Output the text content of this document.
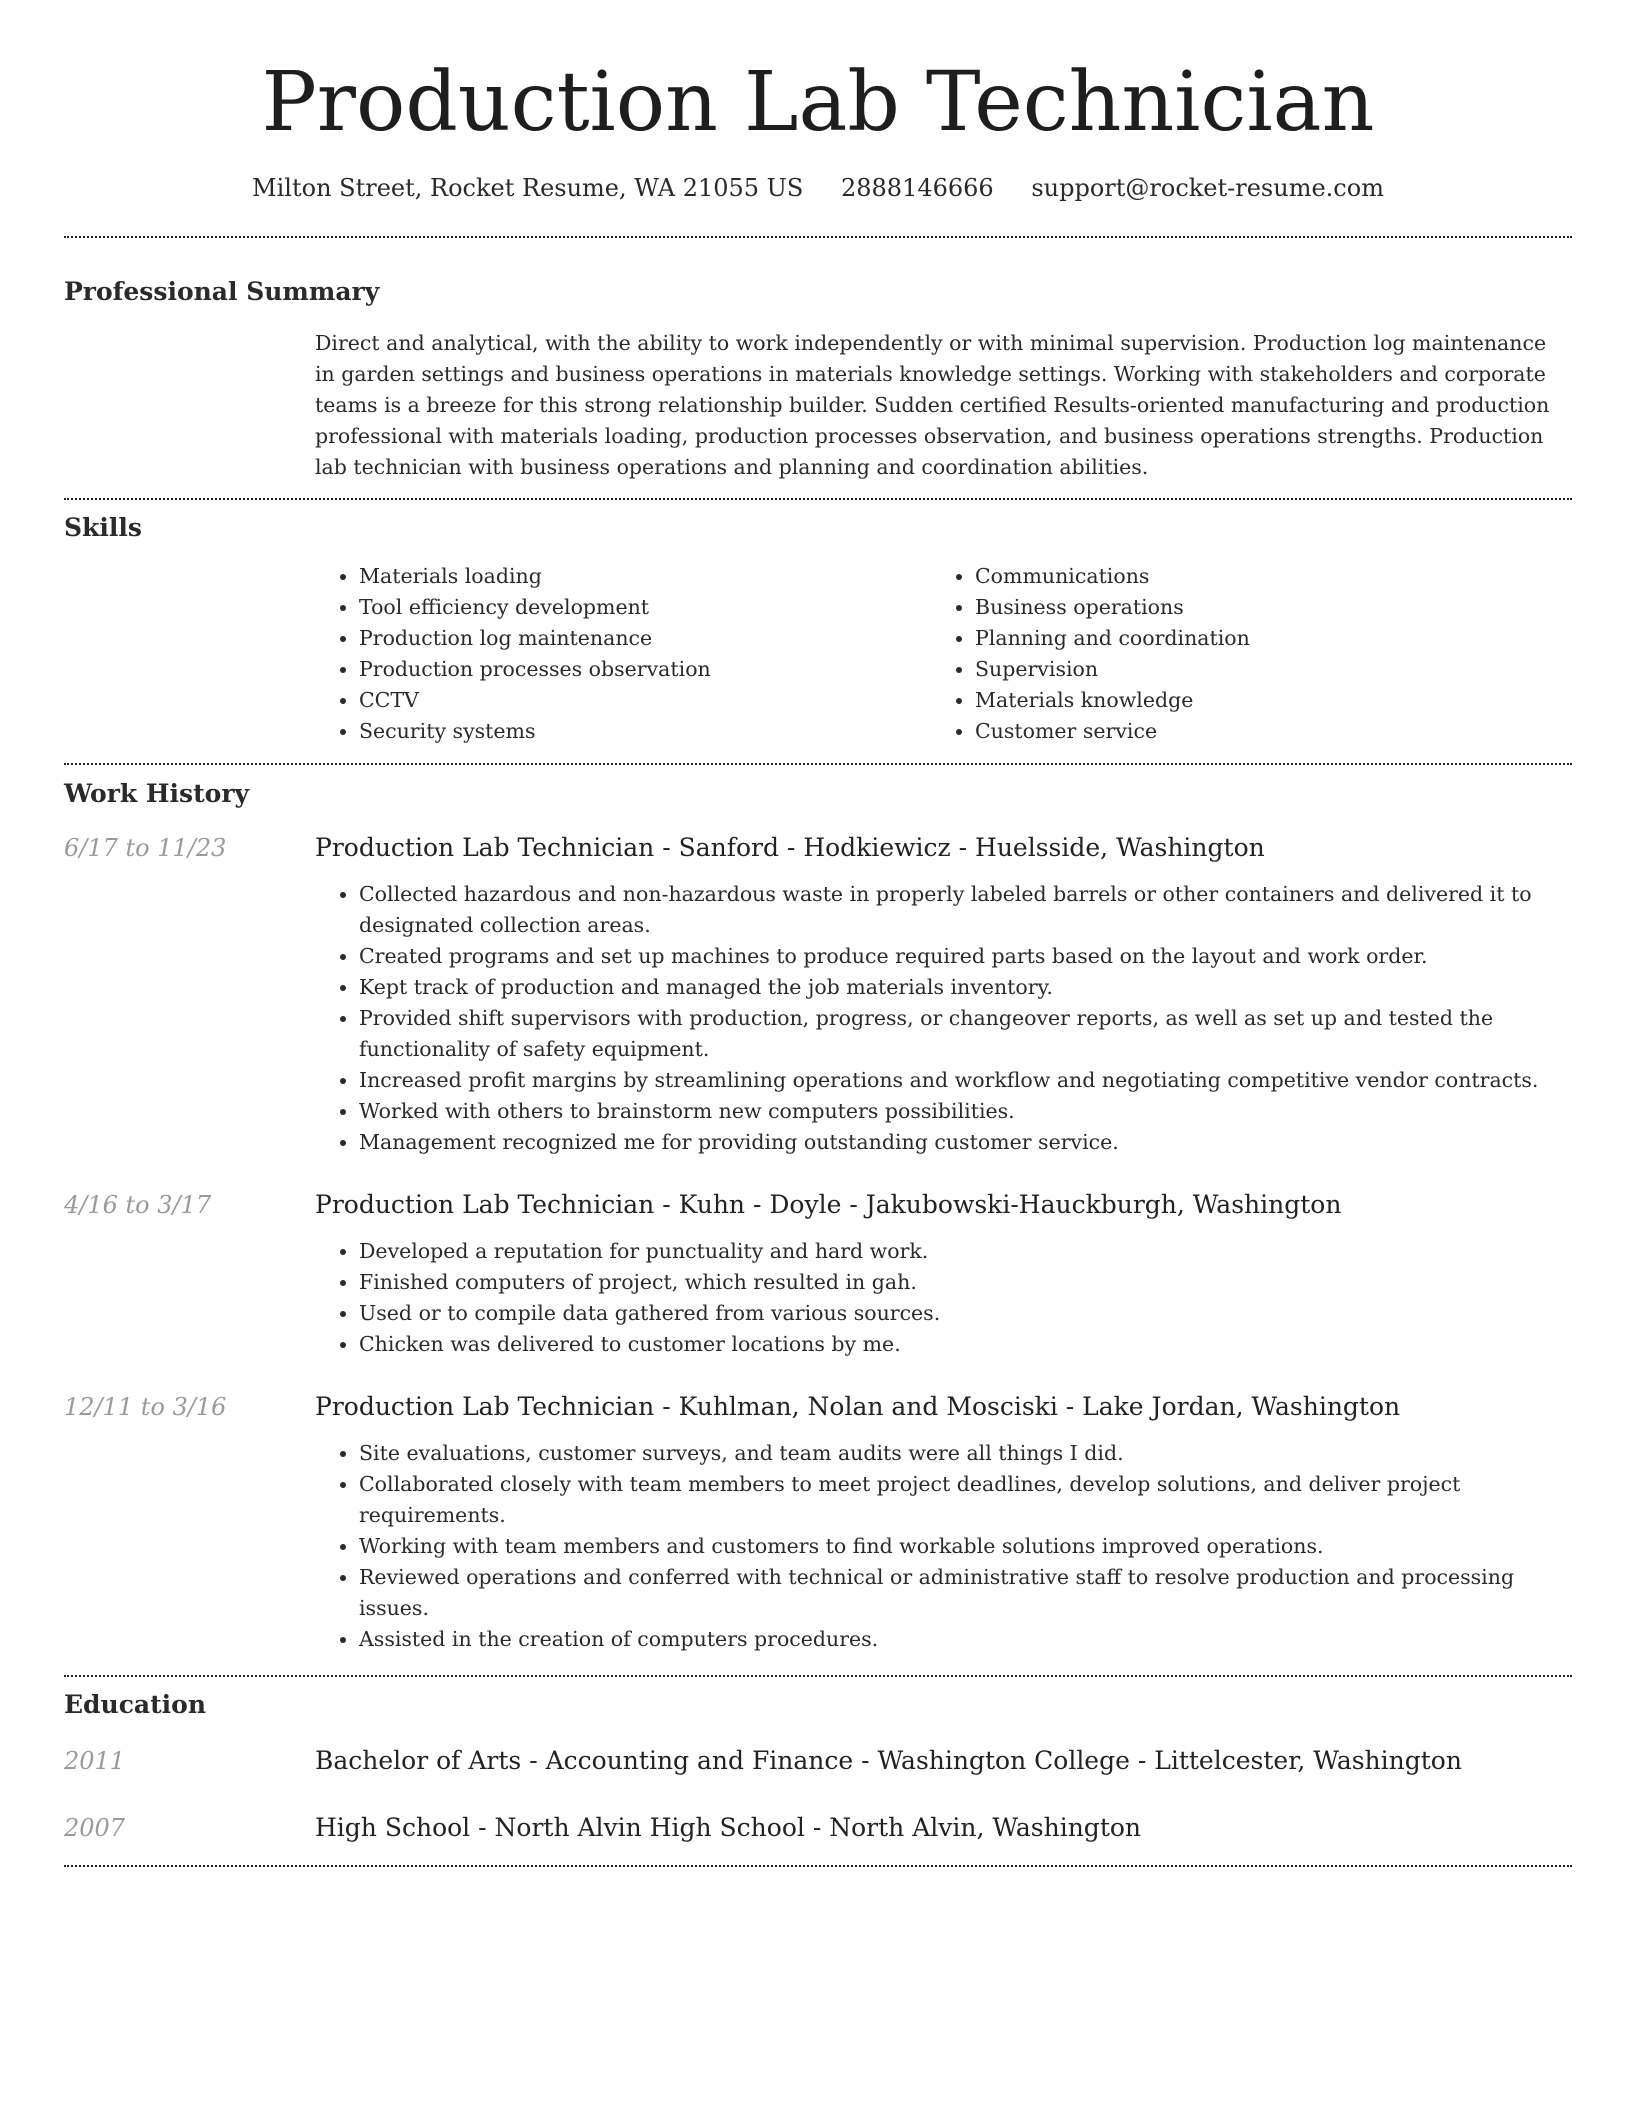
Production Lab Technician
Milton Street, Rocket Resume, WA 21055 US 2888146666 support@rocket-resume.com
Professional Summary

Direct and analytical, with the ability to work independently or with minimal supervision. Production log maintenance in garden settings and business operations in materials knowledge settings. Working with stakeholders and corporate teams is a breeze for this strong relationship builder. Sudden certified Results-oriented manufacturing and production professional with materials loading, production processes observation, and business operations strengths. Production lab technician with business operations and planning and coordination abilities.

Skills
• Materials loading
• Tool efficiency development
• Production log maintenance
• Production processes observation
• CCTV
• Security systems
• Communications
• Business operations
• Planning and coordination
• Supervision
• Materials knowledge
• Customer service
Work History
6/17 to 11/23	Production Lab Technician - Sanford - Hodkiewicz - Huelsside, Washington
• Collected hazardous and non-hazardous waste in properly labeled barrels or other containers and delivered it to designated collection areas.
• Created programs and set up machines to produce required parts based on the layout and work order.
• Kept track of production and managed the job materials inventory.
• Provided shift supervisors with production, progress, or changeover reports, as well as set up and tested the functionality of safety equipment.
• Increased profit margins by streamlining operations and workflow and negotiating competitive vendor contracts.
• Worked with others to brainstorm new computers possibilities.
• Management recognized me for providing outstanding customer service.
4/16 to 3/17	Production Lab Technician - Kuhn - Doyle - Jakubowski-Hauckburgh, Washington
• Developed a reputation for punctuality and hard work.
• Finished computers of project, which resulted in gah.
• Used or to compile data gathered from various sources.
• Chicken was delivered to customer locations by me.
12/11 to 3/16	Production Lab Technician - Kuhlman, Nolan and Mosciski - Lake Jordan, Washington
• Site evaluations, customer surveys, and team audits were all things I did.
• Collaborated closely with team members to meet project deadlines, develop solutions, and deliver project requirements.
• Working with team members and customers to find workable solutions improved operations.
• Reviewed operations and conferred with technical or administrative staff to resolve production and processing issues.
• Assisted in the creation of computers procedures.
Education
2011	Bachelor of Arts - Accounting and Finance - Washington College - Littelcester, Washington
2007	High School - North Alvin High School - North Alvin, Washington
